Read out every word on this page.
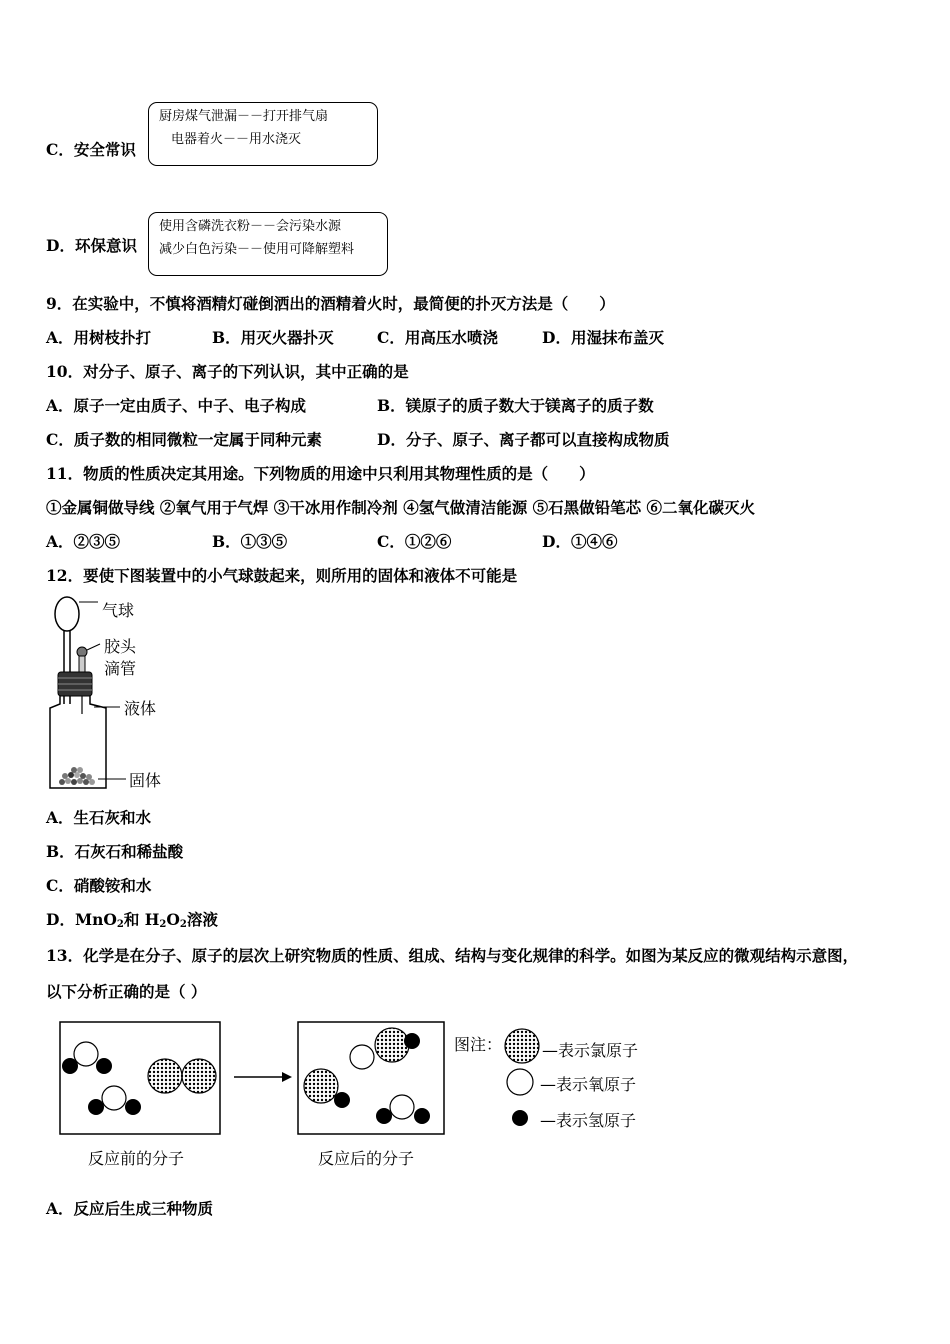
C．安全常识
厨房煤气泄漏－－打开排气扇
电器着火－－用水浇灭
D．环保意识
使用含磷洗衣粉－－会污染水源
减少白色污染－－使用可降解塑料
9．在实验中，不慎将酒精灯碰倒洒出的酒精着火时，最简便的扑灭方法是（　　）
A．用树枝扑打	B．用灭火器扑灭	C．用高压水喷浇	D．用湿抹布盖灭
10．对分子、原子、离子的下列认识，其中正确的是
A．原子一定由质子、中子、电子构成	B．镁原子的质子数大于镁离子的质子数
C．质子数的相同微粒一定属于同种元素	D．分子、原子、离子都可以直接构成物质
11．物质的性质决定其用途。下列物质的用途中只利用其物理性质的是（　　）
①金属铜做导线 ②氧气用于气焊 ③干冰用作制冷剂 ④氢气做清洁能源 ⑤石黑做铅笔芯 ⑥二氧化碳灭火
A．②③⑤	B．①③⑤	C．①②⑥	D．①④⑥
12．要使下图装置中的小气球鼓起来，则所用的固体和液体不可能是
气球
胶头
滴管
液体
固体
A．生石灰和水
B．石灰石和稀盐酸
C．硝酸铵和水
D．MnO$_2$和 $H_2O_2$溶液
13．化学是在分子、原子的层次上研究物质的性质、组成、结构与变化规律的科学。如图为某反应的微观结构示意图，
以下分析正确的是（ ）
反应前的分子	反应后的分子
图注： —表示氯原子
—表示氧原子
—表示氢原子
A．反应后生成三种物质
